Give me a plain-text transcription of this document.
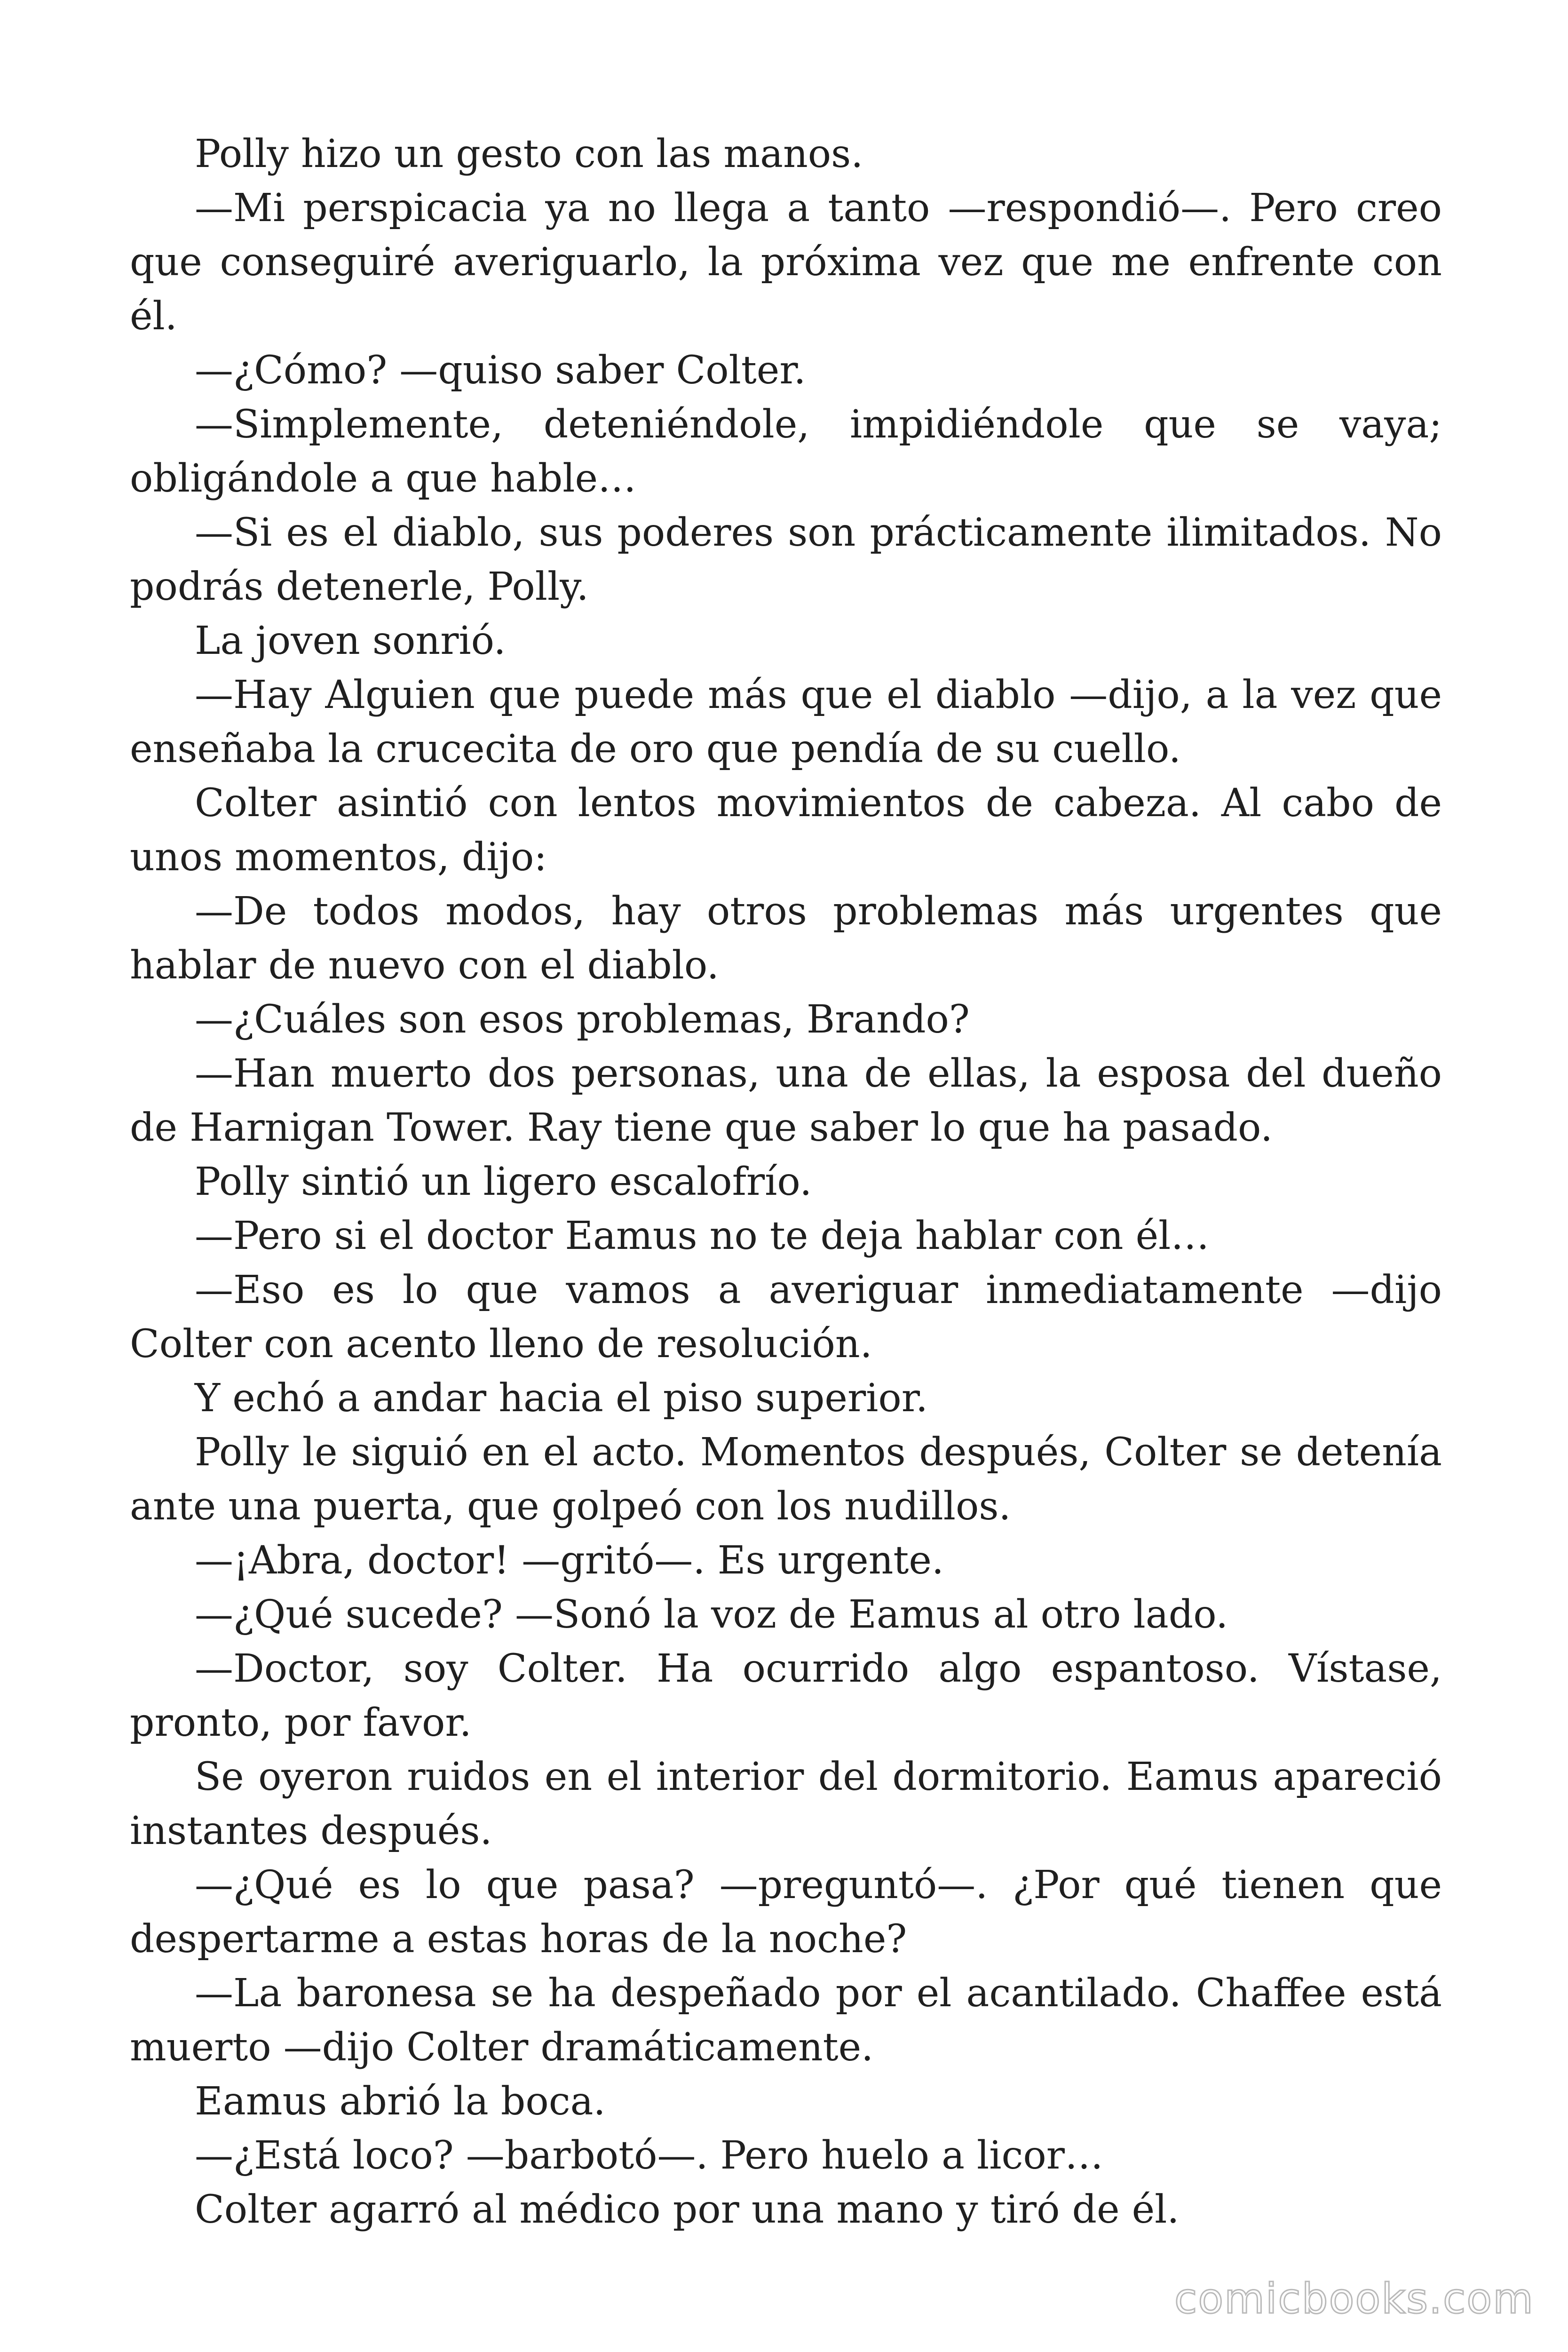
Polly hizo un gesto con las manos.

—Mi perspicacia ya no llega a tanto —respondió—. Pero creo que conseguiré averiguarlo, la próxima vez que me enfrente con él.

—¿Cómo? —quiso saber Colter.

—Simplemente, deteniéndole, impidiéndole que se vaya; obligándole a que hable…

—Si es el diablo, sus poderes son prácticamente ilimitados. No podrás detenerle, Polly.

La joven sonrió.

—Hay Alguien que puede más que el diablo —dijo, a la vez que enseñaba la crucecita de oro que pendía de su cuello.

Colter asintió con lentos movimientos de cabeza. Al cabo de unos momentos, dijo:

—De todos modos, hay otros problemas más urgentes que hablar de nuevo con el diablo.

—¿Cuáles son esos problemas, Brando?

—Han muerto dos personas, una de ellas, la esposa del dueño de Harnigan Tower. Ray tiene que saber lo que ha pasado.

Polly sintió un ligero escalofrío.

—Pero si el doctor Eamus no te deja hablar con él…

—Eso es lo que vamos a averiguar inmediatamente —dijo Colter con acento lleno de resolución.

Y echó a andar hacia el piso superior.

Polly le siguió en el acto. Momentos después, Colter se detenía ante una puerta, que golpeó con los nudillos.

—¡Abra, doctor! —gritó—. Es urgente.

—¿Qué sucede? —Sonó la voz de Eamus al otro lado.

—Doctor, soy Colter. Ha ocurrido algo espantoso. Vístase, pronto, por favor.

Se oyeron ruidos en el interior del dormitorio. Eamus apareció instantes después.

—¿Qué es lo que pasa? —preguntó—. ¿Por qué tienen que despertarme a estas horas de la noche?

—La baronesa se ha despeñado por el acantilado. Chaffee está muerto —dijo Colter dramáticamente.

Eamus abrió la boca.

—¿Está loco? —barbotó—. Pero huelo a licor…

Colter agarró al médico por una mano y tiró de él.

comicbooks.com
